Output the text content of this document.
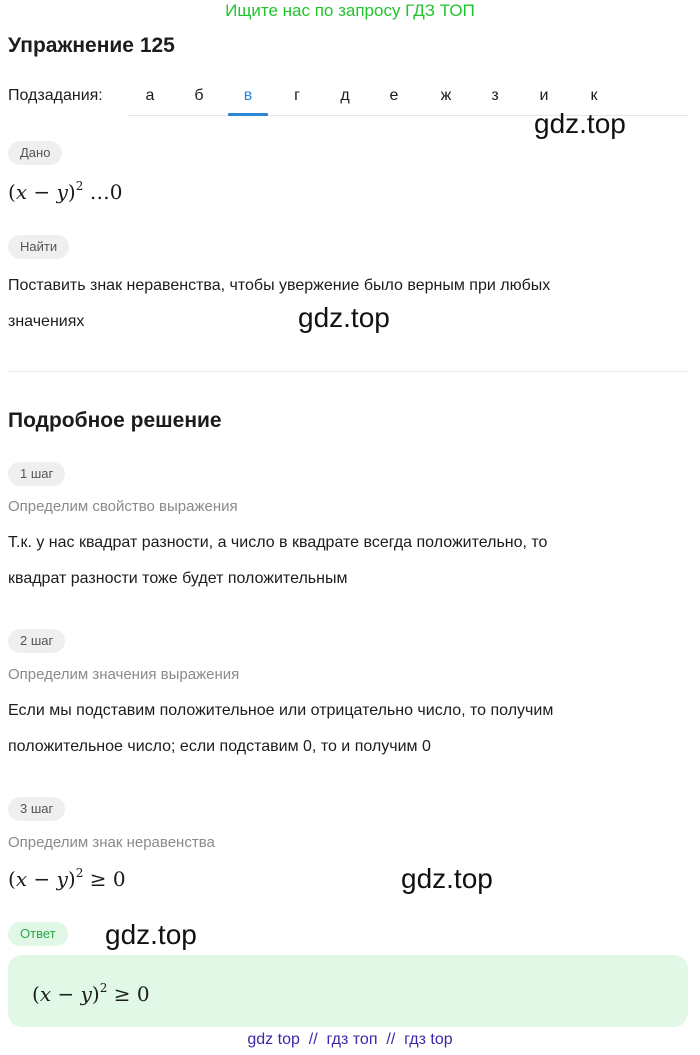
Ищите нас по запросу ГДЗ ТОП
Упражнение 125
Подзадания:	а	б	в	г	д	е	ж	з	и	к
gdz.top
Дано
$(x - y)^2$ …0
Найти
Поставить знак неравенства, чтобы увержение было верным при любых
значениях	gdz.top
Подробное решение
1 шаг
Определим свойство выражения
Т.к. у нас квадрат разности, а число в квадрате всегда положительно, то
квадрат разности тоже будет положительным
2 шаг
Определим значения выражения
Если мы подставим положительное или отрицательно число, то получим
положительное число; если подставим 0, то и получим 0
3 шаг
Определим знак неравенства
$(x - y)^2 \ge 0$	gdz.top
Ответ	gdz.top
$(x - y)^2 \ge 0$
gdz top  //  гдз топ  //  гдз top
